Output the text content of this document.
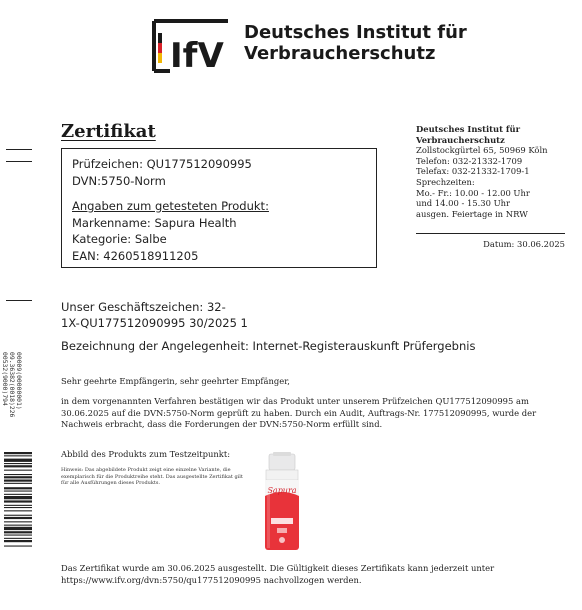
IfV
Deutsches Institut für
Verbraucherschutz
Zertifikat
Prüfzeichen: QU177512090995
DVN:5750-Norm
Angaben zum getesteten Produkt:
Markenname: Sapura Health
Kategorie: Salbe
EAN: 4260518911205
Deutsches Institut für
Verbraucherschutz
Zollstockgürtel 65, 50969 Köln
Telefon: 032-21332-1709
Telefax: 032-21332-1709-1
Sprechzeiten:
Mo.- Fr.: 10.00 - 12.00 Uhr
und 14.00 - 15.30 Uhr
ausgen. Feiertage in NRW
Datum: 30.06.2025
Unser Geschäftszeichen: 32-
1X-QU177512090995 30/2025 1
Bezeichnung der Angelegenheit: Internet-Registerauskunft Prüfergebnis
Sehr geehrte Empfängerin, sehr geehrter Empfänger,
in dem vorgenannten Verfahren bestätigen wir das Produkt unter unserem Prüfzeichen QU177512090995 am 30.06.2025 auf die DVN:5750-Norm geprüft zu haben. Durch ein Audit, Auftrags-Nr. 177512090995, wurde der Nachweis erbracht, dass die Forderungen der DVN:5750-Norm erfüllt sind.
Abbild des Produkts zum Testzeitpunkt:
Hinweis: Das abgebildete Produkt zeigt eine einzelne Variante, die exemplarisch für die Produktreihe steht. Das ausgestellte Zertifikat gilt für alle Ausführungen dieses Produkts.
Sapura
Das Zertifikat wurde am 30.06.2025 ausgestellt. Die Gültigkeit dieses Zertifikats kann jederzeit unter https://www.ifv.org/dvn:5750/qu177512090995 nachvollzogen werden.
00009(00000001)
09.36382(0018)226
00532(9000)794
